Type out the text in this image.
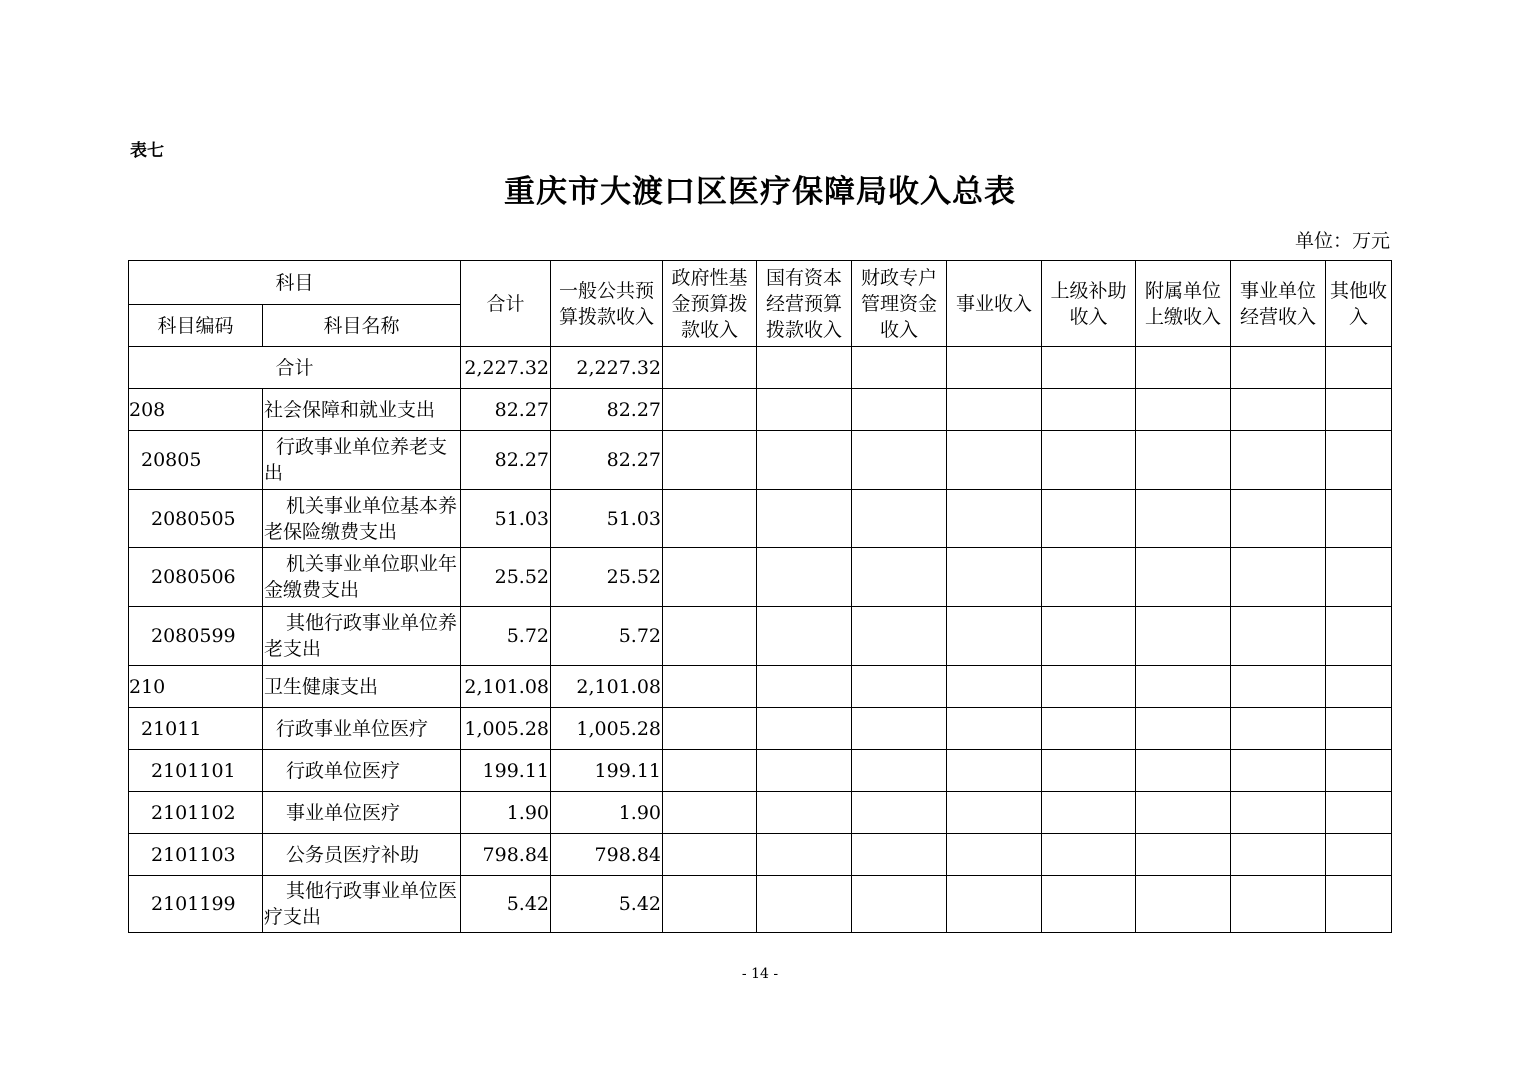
表七
重庆市大渡口区医疗保障局收入总表
单位：万元
科目		合计	一般公共预算拨款收入	政府性基金预算拨款收入	国有资本经营预算拨款收入	财政专户管理资金收入	事业收入	上级补助收入	附属单位上缴收入	事业单位经营收入	其他收入
科目编码	科目名称										
合计		2,227.32	2,227.32								
208	社会保障和就业支出	82.27	82.27								
20805	行政事业单位养老支出	82.27	82.27								
2080505	机关事业单位基本养老保险缴费支出	51.03	51.03								
2080506	机关事业单位职业年金缴费支出	25.52	25.52								
2080599	其他行政事业单位养老支出	5.72	5.72								
210	卫生健康支出	2,101.08	2,101.08								
21011	行政事业单位医疗	1,005.28	1,005.28								
2101101	行政单位医疗	199.11	199.11								
2101102	事业单位医疗	1.90	1.90								
2101103	公务员医疗补助	798.84	798.84								
2101199	其他行政事业单位医疗支出	5.42	5.42								
- 14 -
